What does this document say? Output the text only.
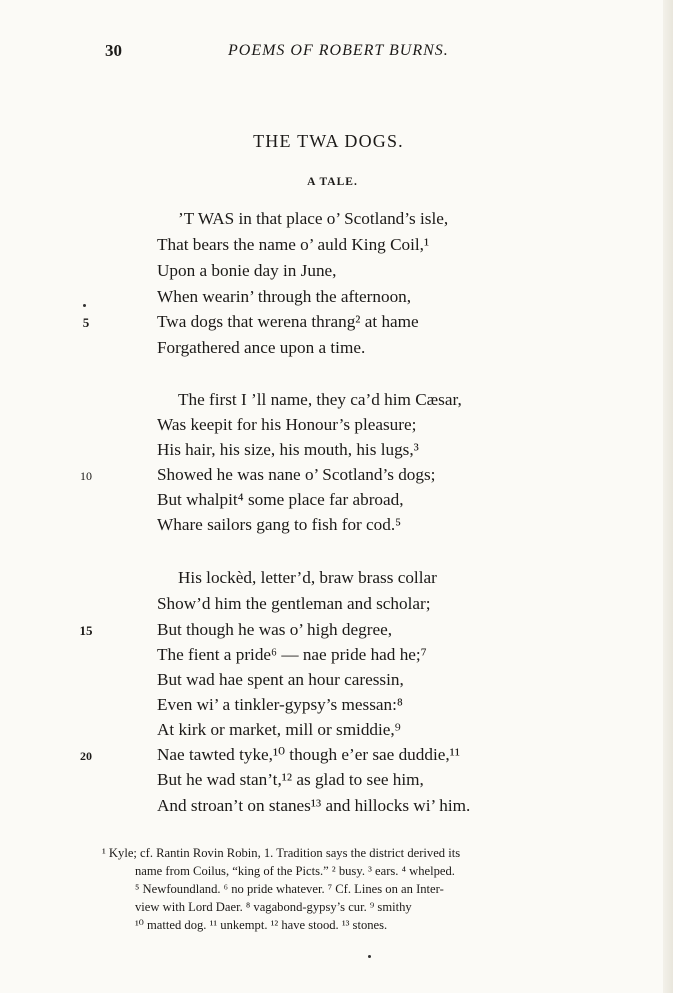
30	POEMS OF ROBERT BURNS.
THE TWA DOGS.
A TALE.
’T WAS in that place o’ Scotland’s isle,
That bears the name o’ auld King Coil,¹
Upon a bonie day in June,
When wearin’ through the afternoon,
Twa dogs that werena thrang² at hame
Forgathered ance upon a time.
The first I ’ll name, they ca’d him Cæsar,
Was keepit for his Honour’s pleasure;
His hair, his size, his mouth, his lugs,³
Showed he was nane o’ Scotland’s dogs;
But whalpit⁴ some place far abroad,
Whare sailors gang to fish for cod.⁵
His lockèd, letter’d, braw brass collar
Show’d him the gentleman and scholar;
But though he was o’ high degree,
The fient a pride⁶ — nae pride had he;⁷
But wad hae spent an hour caressin,
Even wi’ a tinkler-gypsy’s messan:⁸
At kirk or market, mill or smiddie,⁹
Nae tawted tyke,¹⁰ though e’er sae duddie,¹¹
But he wad stan’t,¹² as glad to see him,
And stroan’t on stanes¹³ and hillocks wi’ him.
5
10
15
20
¹ Kyle; cf. Rantin Rovin Robin, 1. Tradition says the district derived its
name from Coilus, “king of the Picts.” ² busy. ³ ears. ⁴ whelped.
⁵ Newfoundland. ⁶ no pride whatever. ⁷ Cf. Lines on an Inter-
view with Lord Daer. ⁸ vagabond-gypsy’s cur. ⁹ smithy
¹⁰ matted dog. ¹¹ unkempt. ¹² have stood. ¹³ stones.
